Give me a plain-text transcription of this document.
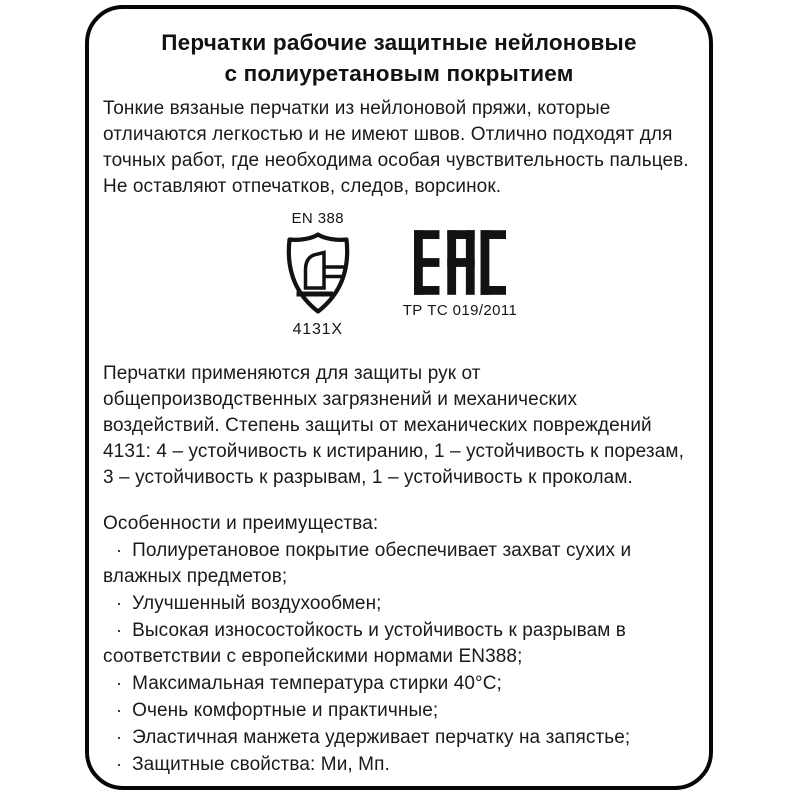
Перчатки рабочие защитные нейлоновые
с полиуретановым покрытием

Тонкие вязаные перчатки из нейлоновой пряжи, которые отличаются легкостью и не имеют швов. Отлично подходят для точных работ, где необходима особая чувствительность пальцев. Не оставляют отпечатков, следов, ворсинок.

EN 388
4131X
ТР ТС 019/2011

Перчатки применяются для защиты рук от общепроизводственных загрязнений и механических воздействий. Степень защиты от механических повреждений 4131: 4 – устойчивость к истиранию, 1 – устойчивость к порезам, 3 – устойчивость к разрывам, 1 – устойчивость к проколам.

Особенности и преимущества:

· Полиуретановое покрытие обеспечивает захват сухих и влажных предметов;

· Улучшенный воздухообмен;

· Высокая износостойкость и устойчивость к разрывам в соответствии с европейскими нормами EN388;

· Максимальная температура стирки 40°С;

· Очень комфортные и практичные;

· Эластичная манжета удерживает перчатку на запястье;

· Защитные свойства: Ми, Мп.
